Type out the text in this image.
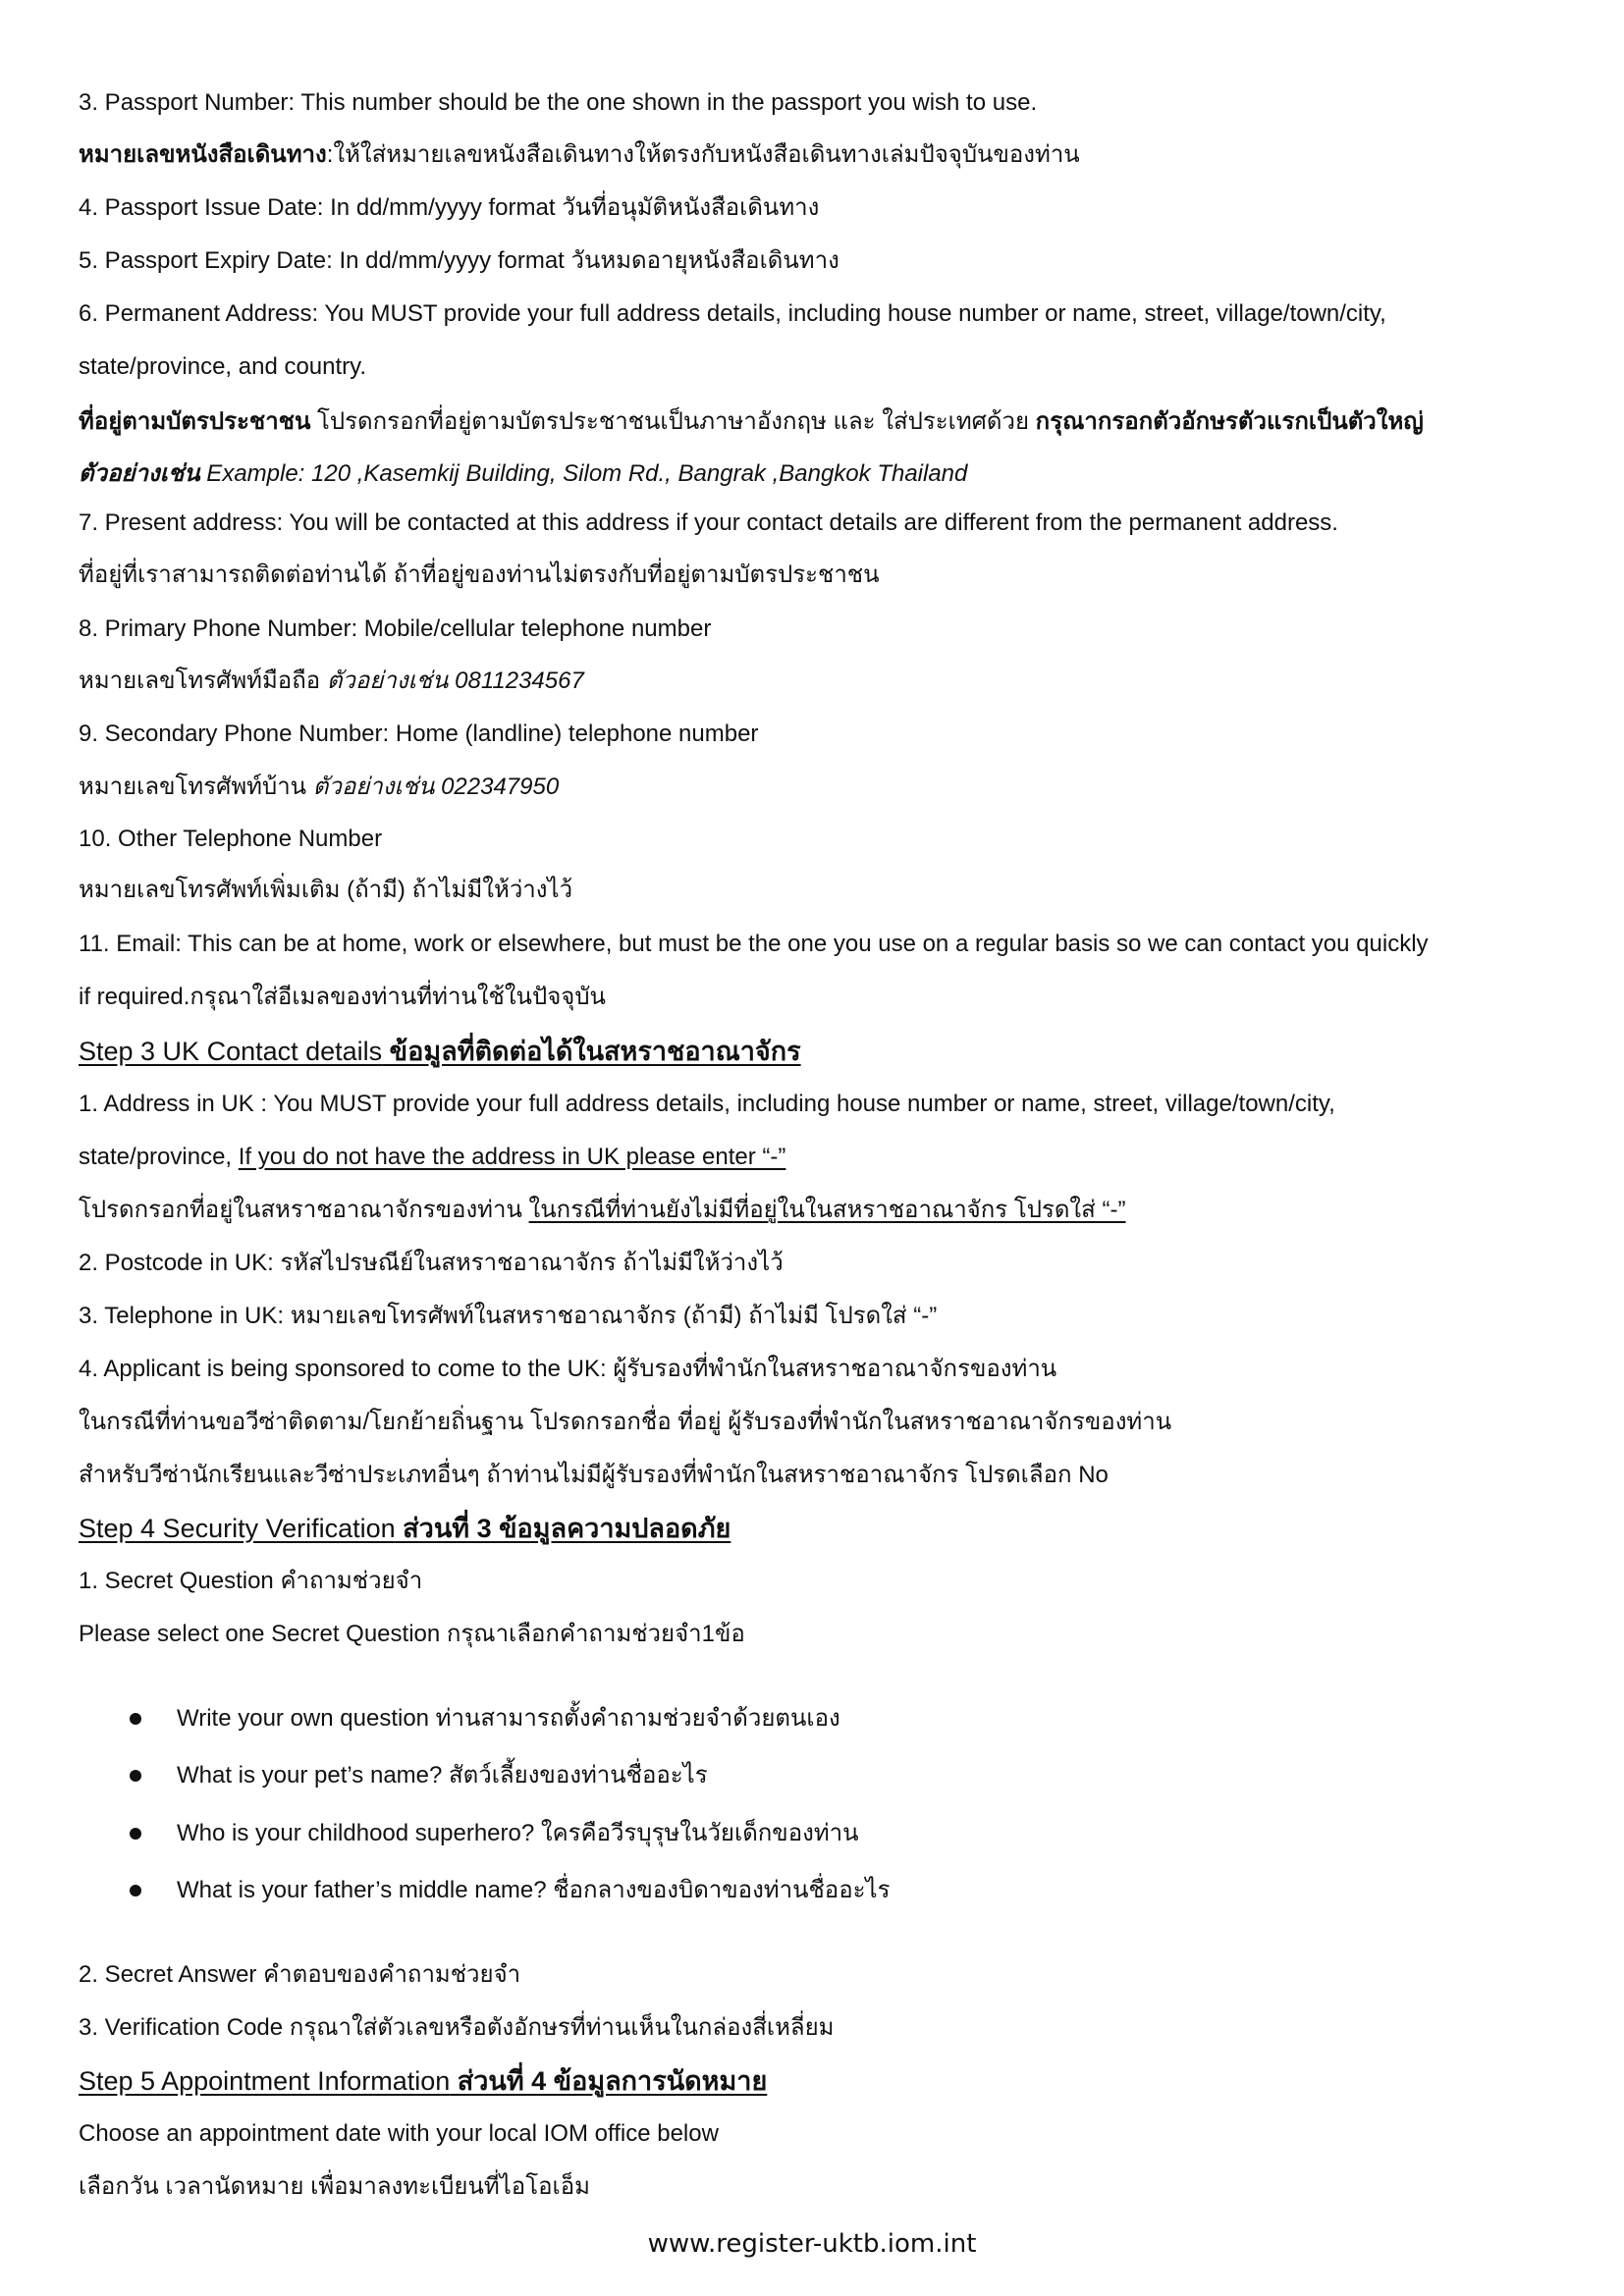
3. Passport Number: This number should be the one shown in the passport you wish to use.
หมายเลขหนังสือเดินทาง:ให้ใส่หมายเลขหนังสือเดินทางให้ตรงกับหนังสือเดินทางเล่มปัจจุบันของท่าน
4. Passport Issue Date: In dd/mm/yyyy format วันที่อนุมัติหนังสือเดินทาง
5. Passport Expiry Date: In dd/mm/yyyy format วันหมดอายุหนังสือเดินทาง
6. Permanent Address: You MUST provide your full address details, including house number or name, street, village/town/city,
state/province, and country.
ที่อยู่ตามบัตรประชาชน โปรดกรอกที่อยู่ตามบัตรประชาชนเป็นภาษาอังกฤษ และ ใส่ประเทศด้วย กรุณากรอกตัวอักษรตัวแรกเป็นตัวใหญ่
ตัวอย่างเช่น Example: 120 ,Kasemkij Building, Silom Rd., Bangrak ,Bangkok Thailand
7. Present address: You will be contacted at this address if your contact details are different from the permanent address.
ที่อยู่ที่เราสามารถติดต่อท่านได้ ถ้าที่อยู่ของท่านไม่ตรงกับที่อยู่ตามบัตรประชาชน
8. Primary Phone Number: Mobile/cellular telephone number
หมายเลขโทรศัพท์มือถือ ตัวอย่างเช่น 0811234567
9. Secondary Phone Number: Home (landline) telephone number
หมายเลขโทรศัพท์บ้าน ตัวอย่างเช่น 022347950
10. Other Telephone Number
หมายเลขโทรศัพท์เพิ่มเติม (ถ้ามี) ถ้าไม่มีให้ว่างไว้
11. Email: This can be at home, work or elsewhere, but must be the one you use on a regular basis so we can contact you quickly
if required.กรุณาใส่อีเมลของท่านที่ท่านใช้ในปัจจุบัน
Step 3 UK Contact details ข้อมูลที่ติดต่อได้ในสหราชอาณาจักร
1. Address in UK : You MUST provide your full address details, including house number or name, street, village/town/city,
state/province, If you do not have the address in UK please enter “-”
โปรดกรอกที่อยู่ในสหราชอาณาจักรของท่าน ในกรณีที่ท่านยังไม่มีที่อยู่ในในสหราชอาณาจักร โปรดใส่ “-”
2. Postcode in UK: รหัสไปรษณีย์ในสหราชอาณาจักร ถ้าไม่มีให้ว่างไว้
3. Telephone in UK: หมายเลขโทรศัพท์ในสหราชอาณาจักร (ถ้ามี) ถ้าไม่มี โปรดใส่ “-”
4. Applicant is being sponsored to come to the UK: ผู้รับรองที่พำนักในสหราชอาณาจักรของท่าน
ในกรณีที่ท่านขอวีซ่าติดตาม/โยกย้ายถิ่นฐาน โปรดกรอกชื่อ ที่อยู่ ผู้รับรองที่พำนักในสหราชอาณาจักรของท่าน
สำหรับวีซ่านักเรียนและวีซ่าประเภทอื่นๆ ถ้าท่านไม่มีผู้รับรองที่พำนักในสหราชอาณาจักร โปรดเลือก No
Step 4 Security Verification ส่วนที่ 3 ข้อมูลความปลอดภัย
1. Secret Question คำถามช่วยจำ
Please select one Secret Question กรุณาเลือกคำถามช่วยจำ1ข้อ
Write your own question ท่านสามารถตั้งคำถามช่วยจำด้วยตนเอง
What is your pet’s name? สัตว์เลี้ยงของท่านชื่ออะไร
Who is your childhood superhero? ใครคือวีรบุรุษในวัยเด็กของท่าน
What is your father’s middle name? ชื่อกลางของบิดาของท่านชื่ออะไร
2. Secret Answer คำตอบของคำถามช่วยจำ
3. Verification Code กรุณาใส่ตัวเลขหรือตังอักษรที่ท่านเห็นในกล่องสี่เหลี่ยม
Step 5 Appointment Information ส่วนที่ 4 ข้อมูลการนัดหมาย
Choose an appointment date with your local IOM office below
เลือกวัน เวลานัดหมาย เพื่อมาลงทะเบียนที่ไอโอเอ็ม
www.register-uktb.iom.int
